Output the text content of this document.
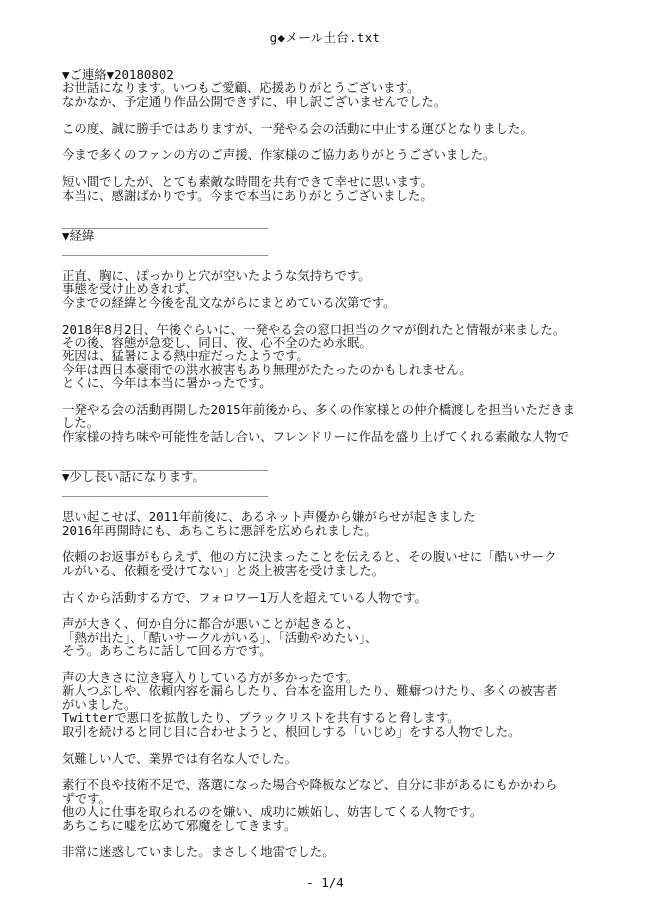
g◆メール土台.txt
▼ご連絡▼20180802
お世話になります。いつもご愛顧、応援ありがとうございます。
なかなか、予定通り作品公開できずに、申し訳ございませんでした。
この度、誠に勝手ではありますが、一発やる会の活動に中止する運びとなりました。
今まで多くのファンの方のご声援、作家様のご協力ありがとうございました。
短い間でしたが、とても素敵な時間を共有できて幸せに思います。
本当に、感謝ばかりです。今まで本当にありがとうございました。
______________________________
▼経緯
______________________________
正直、胸に、ぽっかりと穴が空いたような気持ちです。
事態を受け止めきれず、
今までの経緯と今後を乱文ながらにまとめている次第です。
2018年8月2日、午後ぐらいに、一発やる会の窓口担当のクマが倒れたと情報が来ました。
その後、容態が急変し、同日、夜、心不全のため永眠。
死因は、猛暑による熱中症だったようです。
今年は西日本豪雨での洪水被害もあり無理がたたったのかもしれません。
とくに、今年は本当に暑かったです。
一発やる会の活動再開した2015年前後から、多くの作家様との仲介橋渡しを担当いただきま
した。
作家様の持ち味や可能性を話し合い、フレンドリーに作品を盛り上げてくれる素敵な人物で
______________________________
▼少し長い話になります。
______________________________
思い起こせば、2011年前後に、あるネット声優から嫌がらせが起きました
2016年再開時にも、あちこちに悪評を広められました。
依頼のお返事がもらえず、他の方に決まったことを伝えると、その腹いせに「酷いサーク
ルがいる、依頼を受けてない」と炎上被害を受けました。
古くから活動する方で、フォロワー1万人を超えている人物です。
声が大きく、何か自分に都合が悪いことが起きると、
「熱が出た」、「酷いサークルがいる」、「活動やめたい」、
そう。あちこちに話して回る方です。
声の大きさに泣き寝入りしている方が多かったです。
新人つぶしや、依頼内容を漏らしたり、台本を盗用したり、難癖つけたり、多くの被害者
がいました。
Twitterで悪口を拡散したり、ブラックリストを共有すると脅します。
取引を続けると同じ目に合わせようと、根回しする「いじめ」をする人物でした。
気難しい人で、業界では有名な人でした。
素行不良や技術不足で、落選になった場合や降板などなど、自分に非があるにもかかわら
ずです。
他の人に仕事を取られるのを嫌い、成功に嫉妬し、妨害してくる人物です。
あちこちに嘘を広めて邪魔をしてきます。
非常に迷惑していました。まさしく地雷でした。
- 1/4
